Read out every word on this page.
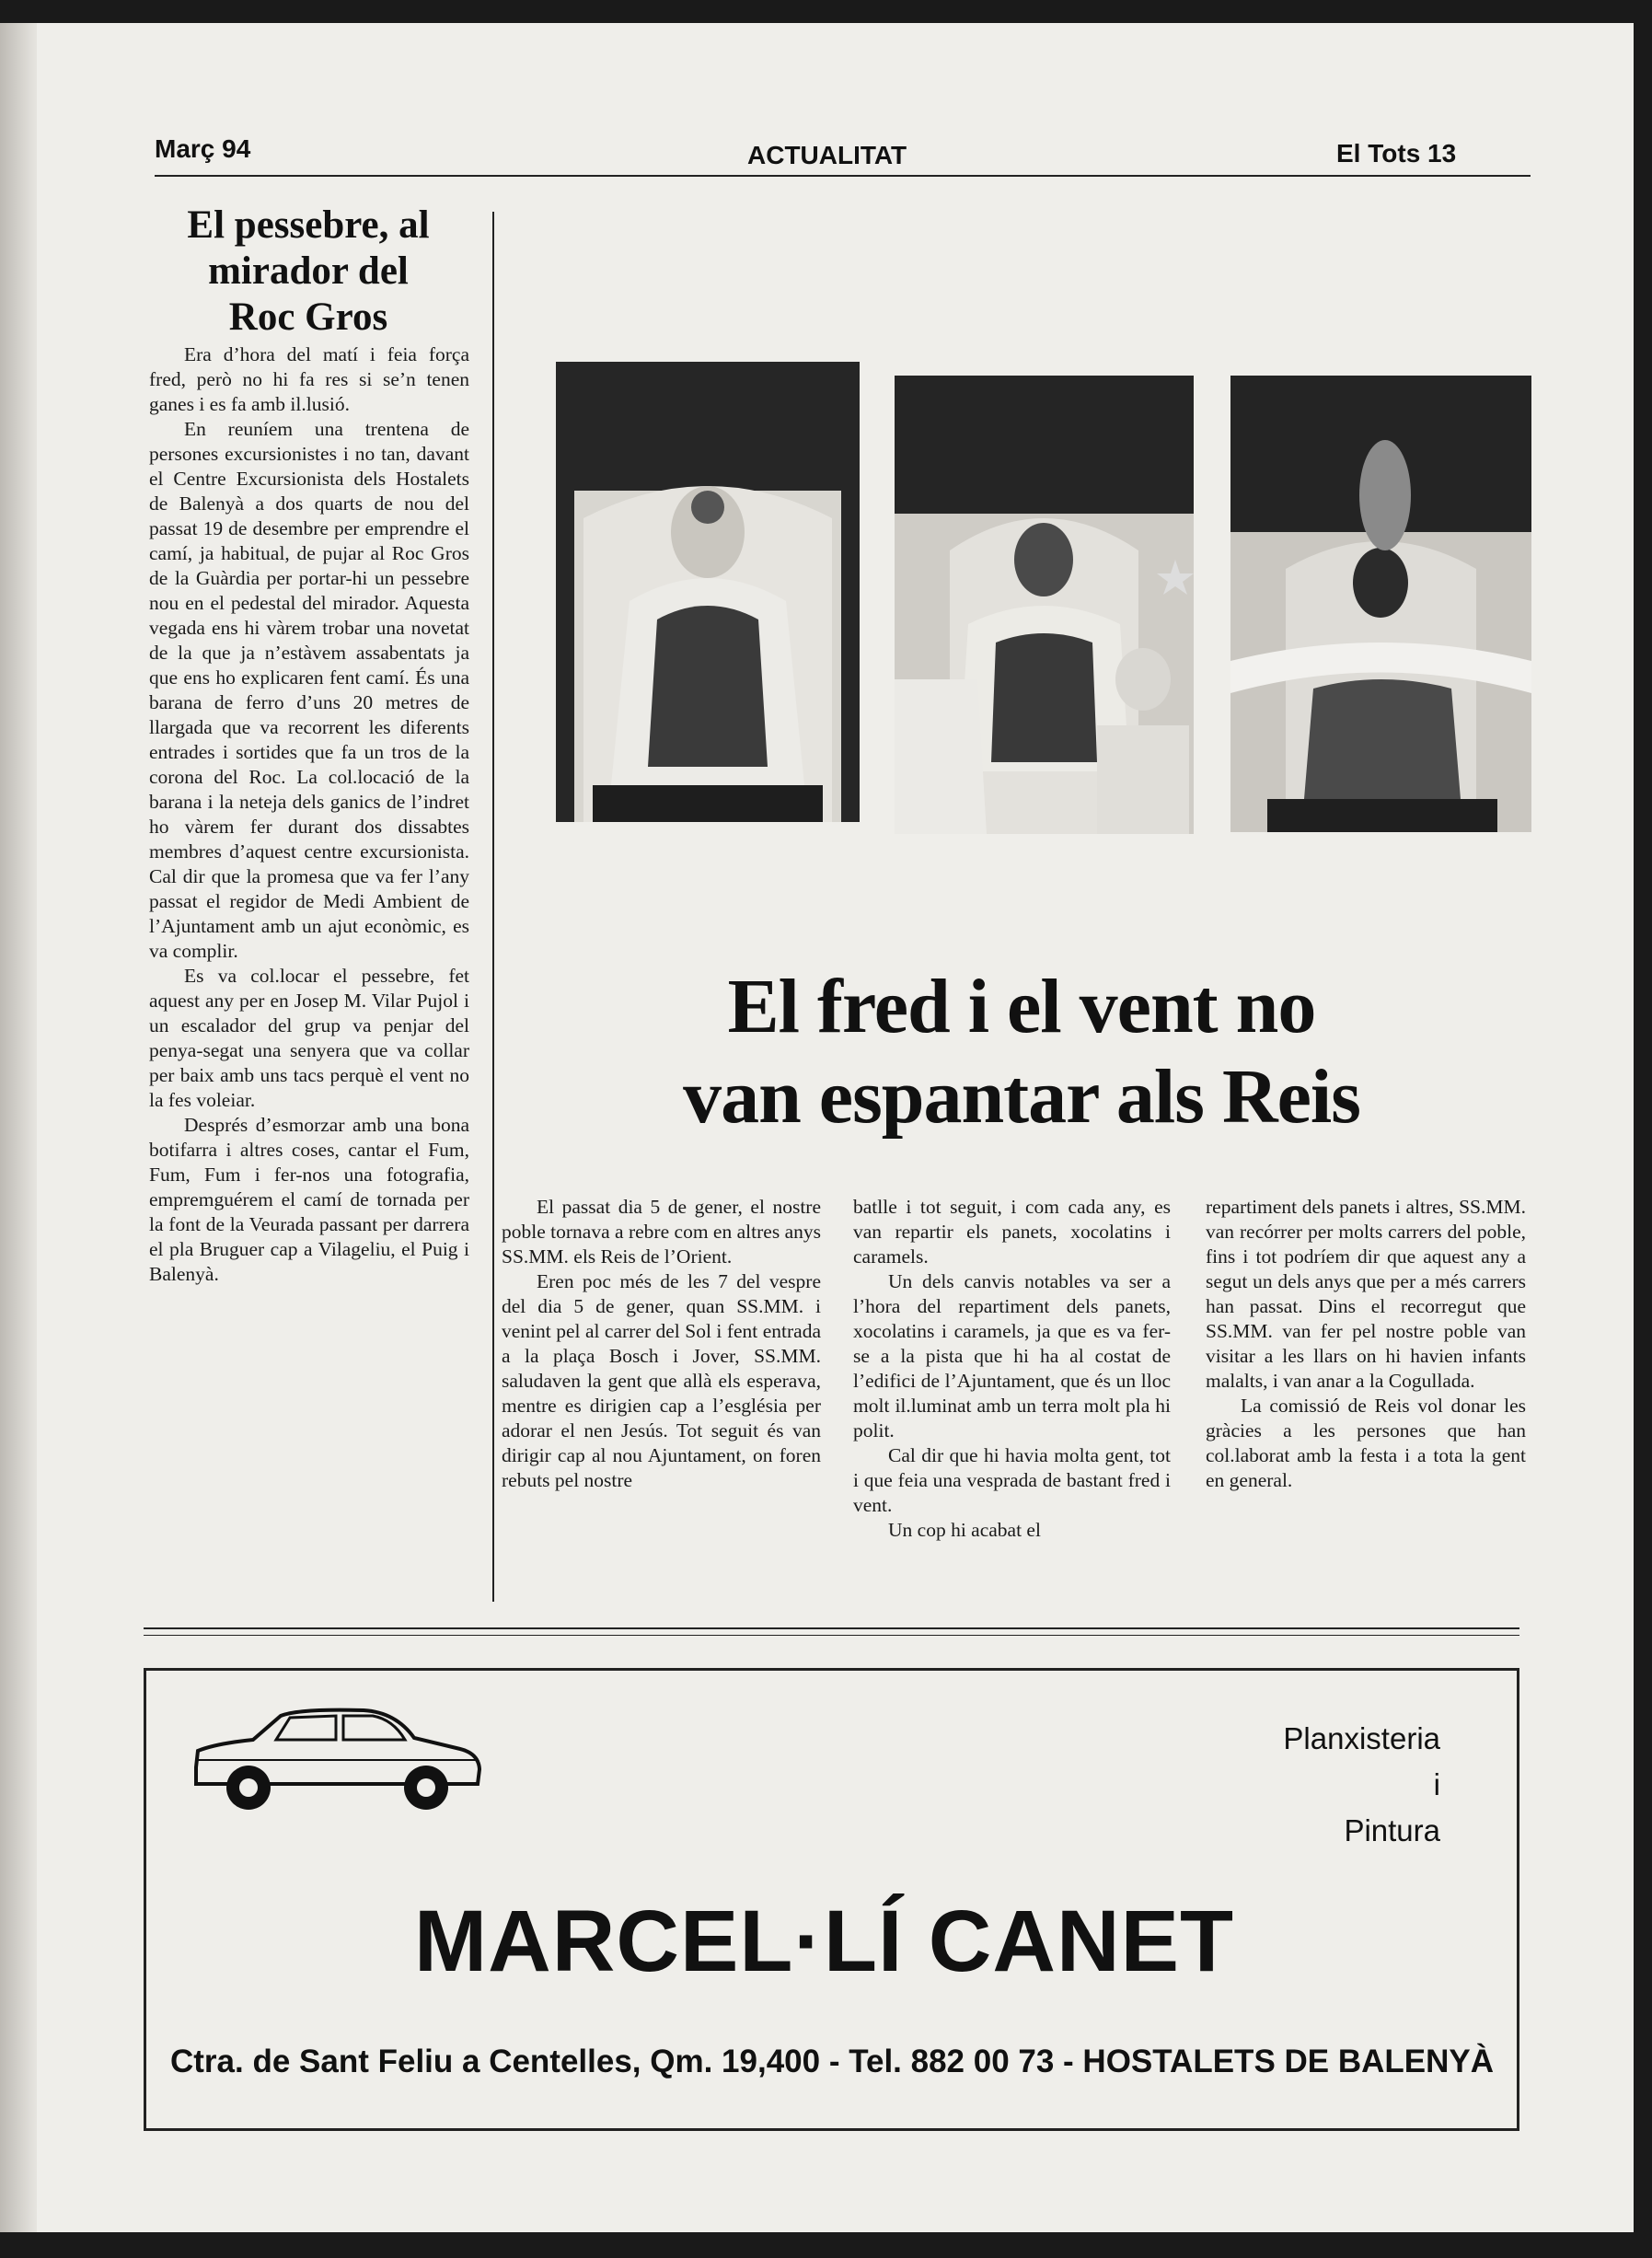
Març 94	ACTUALITAT	El Tots 13
El pessebre, al
mirador del
Roc Gros

Era d’hora del matí i feia força fred, però no hi fa res si se’n tenen ganes i es fa amb il.lusió.

En reuníem una trentena de persones excursionistes i no tan, davant el Centre Excursionista dels Hostalets de Balenyà a dos quarts de nou del passat 19 de desembre per emprendre el camí, ja habitual, de pujar al Roc Gros de la Guàrdia per portar-hi un pessebre nou en el pedestal del mirador. Aquesta vegada ens hi vàrem trobar una novetat de la que ja n’estàvem assabentats ja que ens ho explicaren fent camí. És una barana de ferro d’uns 20 metres de llargada que va recorrent les diferents entrades i sortides que fa un tros de la corona del Roc. La col.locació de la barana i la neteja dels ganics de l’indret ho vàrem fer durant dos dissabtes membres d’aquest centre excursionista. Cal dir que la promesa que va fer l’any passat el regidor de Medi Ambient de l’Ajuntament amb un ajut econòmic, es va complir.

Es va col.locar el pessebre, fet aquest any per en Josep M. Vilar Pujol i un escalador del grup va penjar del penya-segat una senyera que va collar per baix amb uns tacs perquè el vent no la fes voleiar.

Després d’esmorzar amb una bona botifarra i altres coses, cantar el Fum, Fum, Fum i fer-nos una fotografia, empremguérem el camí de tornada per la font de la Veurada passant per darrera el pla Bruguer cap a Vilageliu, el Puig i Balenyà.

El fred i el vent no
van espantar als Reis

El passat dia 5 de gener, el nostre poble tornava a rebre com en altres anys SS.MM. els Reis de l’Orient.

Eren poc més de les 7 del vespre del dia 5 de gener, quan SS.MM. i venint pel al carrer del Sol i fent entrada a la plaça Bosch i Jover, SS.MM. saludaven la gent que allà els esperava, mentre es dirigien cap a l’església per adorar el nen Jesús. Tot seguit és van dirigir cap al nou Ajuntament, on foren rebuts pel nostre

batlle i tot seguit, i com cada any, es van repartir els panets, xocolatins i caramels.

Un dels canvis notables va ser a l’hora del repartiment dels panets, xocolatins i caramels, ja que es va fer-se a la pista que hi ha al costat de l’edifici de l’Ajuntament, que és un lloc molt il.luminat amb un terra molt pla hi polit.

Cal dir que hi havia molta gent, tot i que feia una vesprada de bastant fred i vent.

Un cop hi acabat el

repartiment dels panets i altres, SS.MM. van recórrer per molts carrers del poble, fins i tot podríem dir que aquest any a segut un dels anys que per a més carrers han passat. Dins el recorregut que SS.MM. van fer pel nostre poble van visitar a les llars on hi havien infants malalts, i van anar a la Cogullada.

La comissió de Reis vol donar les gràcies a les persones que han col.laborat amb la festa i a tota la gent en general.

Planxisteria
i
Pintura
MARCEL·LÍ CANET
Ctra. de Sant Feliu a Centelles, Qm. 19,400 - Tel. 882 00 73 - HOSTALETS DE BALENYÀ
